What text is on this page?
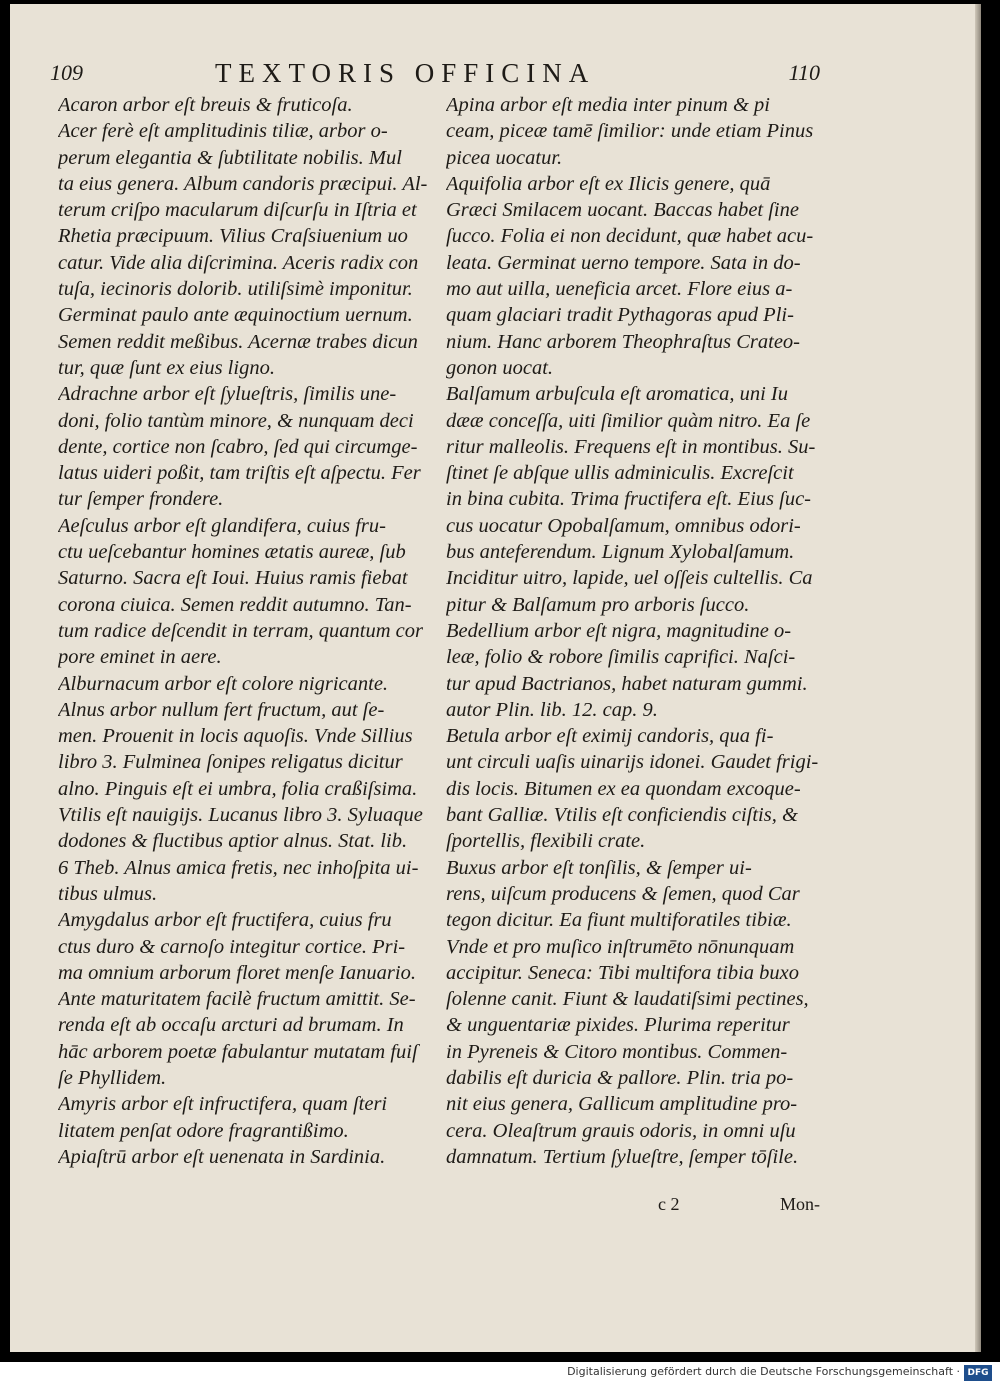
109	TEXTORIS OFFICINA	110
Acaron arbor eſt breuis & fruticoſa.
Acer ferè eſt amplitudinis tiliæ, arbor o-
perum elegantia & ſubtilitate nobilis. Mul
ta eius genera. Album candoris præcipui. Al-
terum criſpo macularum diſcurſu in Iſtria et
Rhetia præcipuum. Vilius Craſsiuenium uo
catur. Vide alia diſcrimina. Aceris radix con
tuſa, iecinoris dolorib. utiliſsimè imponitur.
Germinat paulo ante æquinoctium uernum.
Semen reddit meßibus. Acernæ trabes dicun
tur, quæ ſunt ex eius ligno.
Adrachne arbor eſt ſylueſtris, ſimilis une-
doni, folio tantùm minore, & nunquam deci
dente, cortice non ſcabro, ſed qui circumge-
latus uideri poßit, tam triſtis eſt aſpectu. Fer
tur ſemper frondere.
Aeſculus arbor eſt glandifera, cuius fru-
ctu ueſcebantur homines ætatis aureæ, ſub
Saturno. Sacra eſt Ioui. Huius ramis fiebat
corona ciuica. Semen reddit autumno. Tan-
tum radice deſcendit in terram, quantum cor
pore eminet in aere.
Alburnacum arbor eſt colore nigricante.
Alnus arbor nullum fert fructum, aut ſe-
men. Prouenit in locis aquoſis. Vnde Sillius
libro 3. Fulminea ſonipes religatus dicitur
alno. Pinguis eſt ei umbra, folia craßiſsima.
Vtilis eſt nauigijs. Lucanus libro 3. Syluaque
dodones & fluctibus aptior alnus. Stat. lib.
6 Theb. Alnus amica fretis, nec inhoſpita ui-
tibus ulmus.
Amygdalus arbor eſt fructifera, cuius fru
ctus duro & carnoſo integitur cortice. Pri-
ma omnium arborum floret menſe Ianuario.
Ante maturitatem facilè fructum amittit. Se-
renda eſt ab occaſu arcturi ad brumam. In
hāc arborem poetæ fabulantur mutatam fuiſ
ſe Phyllidem.
Amyris arbor eſt infructifera, quam ſteri
litatem penſat odore fragrantißimo.
Apiaſtrū arbor eſt uenenata in Sardinia.
Apina arbor eſt media inter pinum & pi
ceam, piceæ tamē ſimilior: unde etiam Pinus
picea uocatur.
Aquifolia arbor eſt ex Ilicis genere, quā
Græci Smilacem uocant. Baccas habet ſine
ſucco. Folia ei non decidunt, quæ habet acu-
leata. Germinat uerno tempore. Sata in do-
mo aut uilla, ueneficia arcet. Flore eius a-
quam glaciari tradit Pythagoras apud Pli-
nium. Hanc arborem Theophraſtus Crateo-
gonon uocat.
Balſamum arbuſcula eſt aromatica, uni Iu
dææ conceſſa, uiti ſimilior quàm nitro. Ea ſe
ritur malleolis. Frequens eſt in montibus. Su-
ſtinet ſe abſque ullis adminiculis. Excreſcit
in bina cubita. Trima fructifera eſt. Eius ſuc-
cus uocatur Opobalſamum, omnibus odori-
bus anteferendum. Lignum Xylobalſamum.
Inciditur uitro, lapide, uel oſſeis cultellis. Ca
pitur & Balſamum pro arboris ſucco.
Bedellium arbor eſt nigra, magnitudine o-
leæ, folio & robore ſimilis caprifici. Naſci-
tur apud Bactrianos, habet naturam gummi.
autor Plin. lib. 12. cap. 9.
Betula arbor eſt eximij candoris, qua fi-
unt circuli uaſis uinarijs idonei. Gaudet frigi-
dis locis. Bitumen ex ea quondam excoque-
bant Galliæ. Vtilis eſt conficiendis ciſtis, &
ſportellis, flexibili crate.
Buxus arbor eſt tonſilis, & ſemper ui-
rens, uiſcum producens & ſemen, quod Car
tegon dicitur. Ea fiunt multiforatiles tibiæ.
Vnde et pro muſico inſtrumēto nōnunquam
accipitur. Seneca: Tibi multifora tibia buxo
ſolenne canit. Fiunt & laudatiſsimi pectines,
& unguentariæ pixides. Plurima reperitur
in Pyreneis & Citoro montibus. Commen-
dabilis eſt duricia & pallore. Plin. tria po-
nit eius genera, Gallicum amplitudine pro-
cera. Oleaſtrum grauis odoris, in omni uſu
damnatum. Tertium ſylueſtre, ſemper tōſile.
c 2	Mon-
Digitalisierung gefördert durch die Deutsche Forschungsgemeinschaft · DFG
